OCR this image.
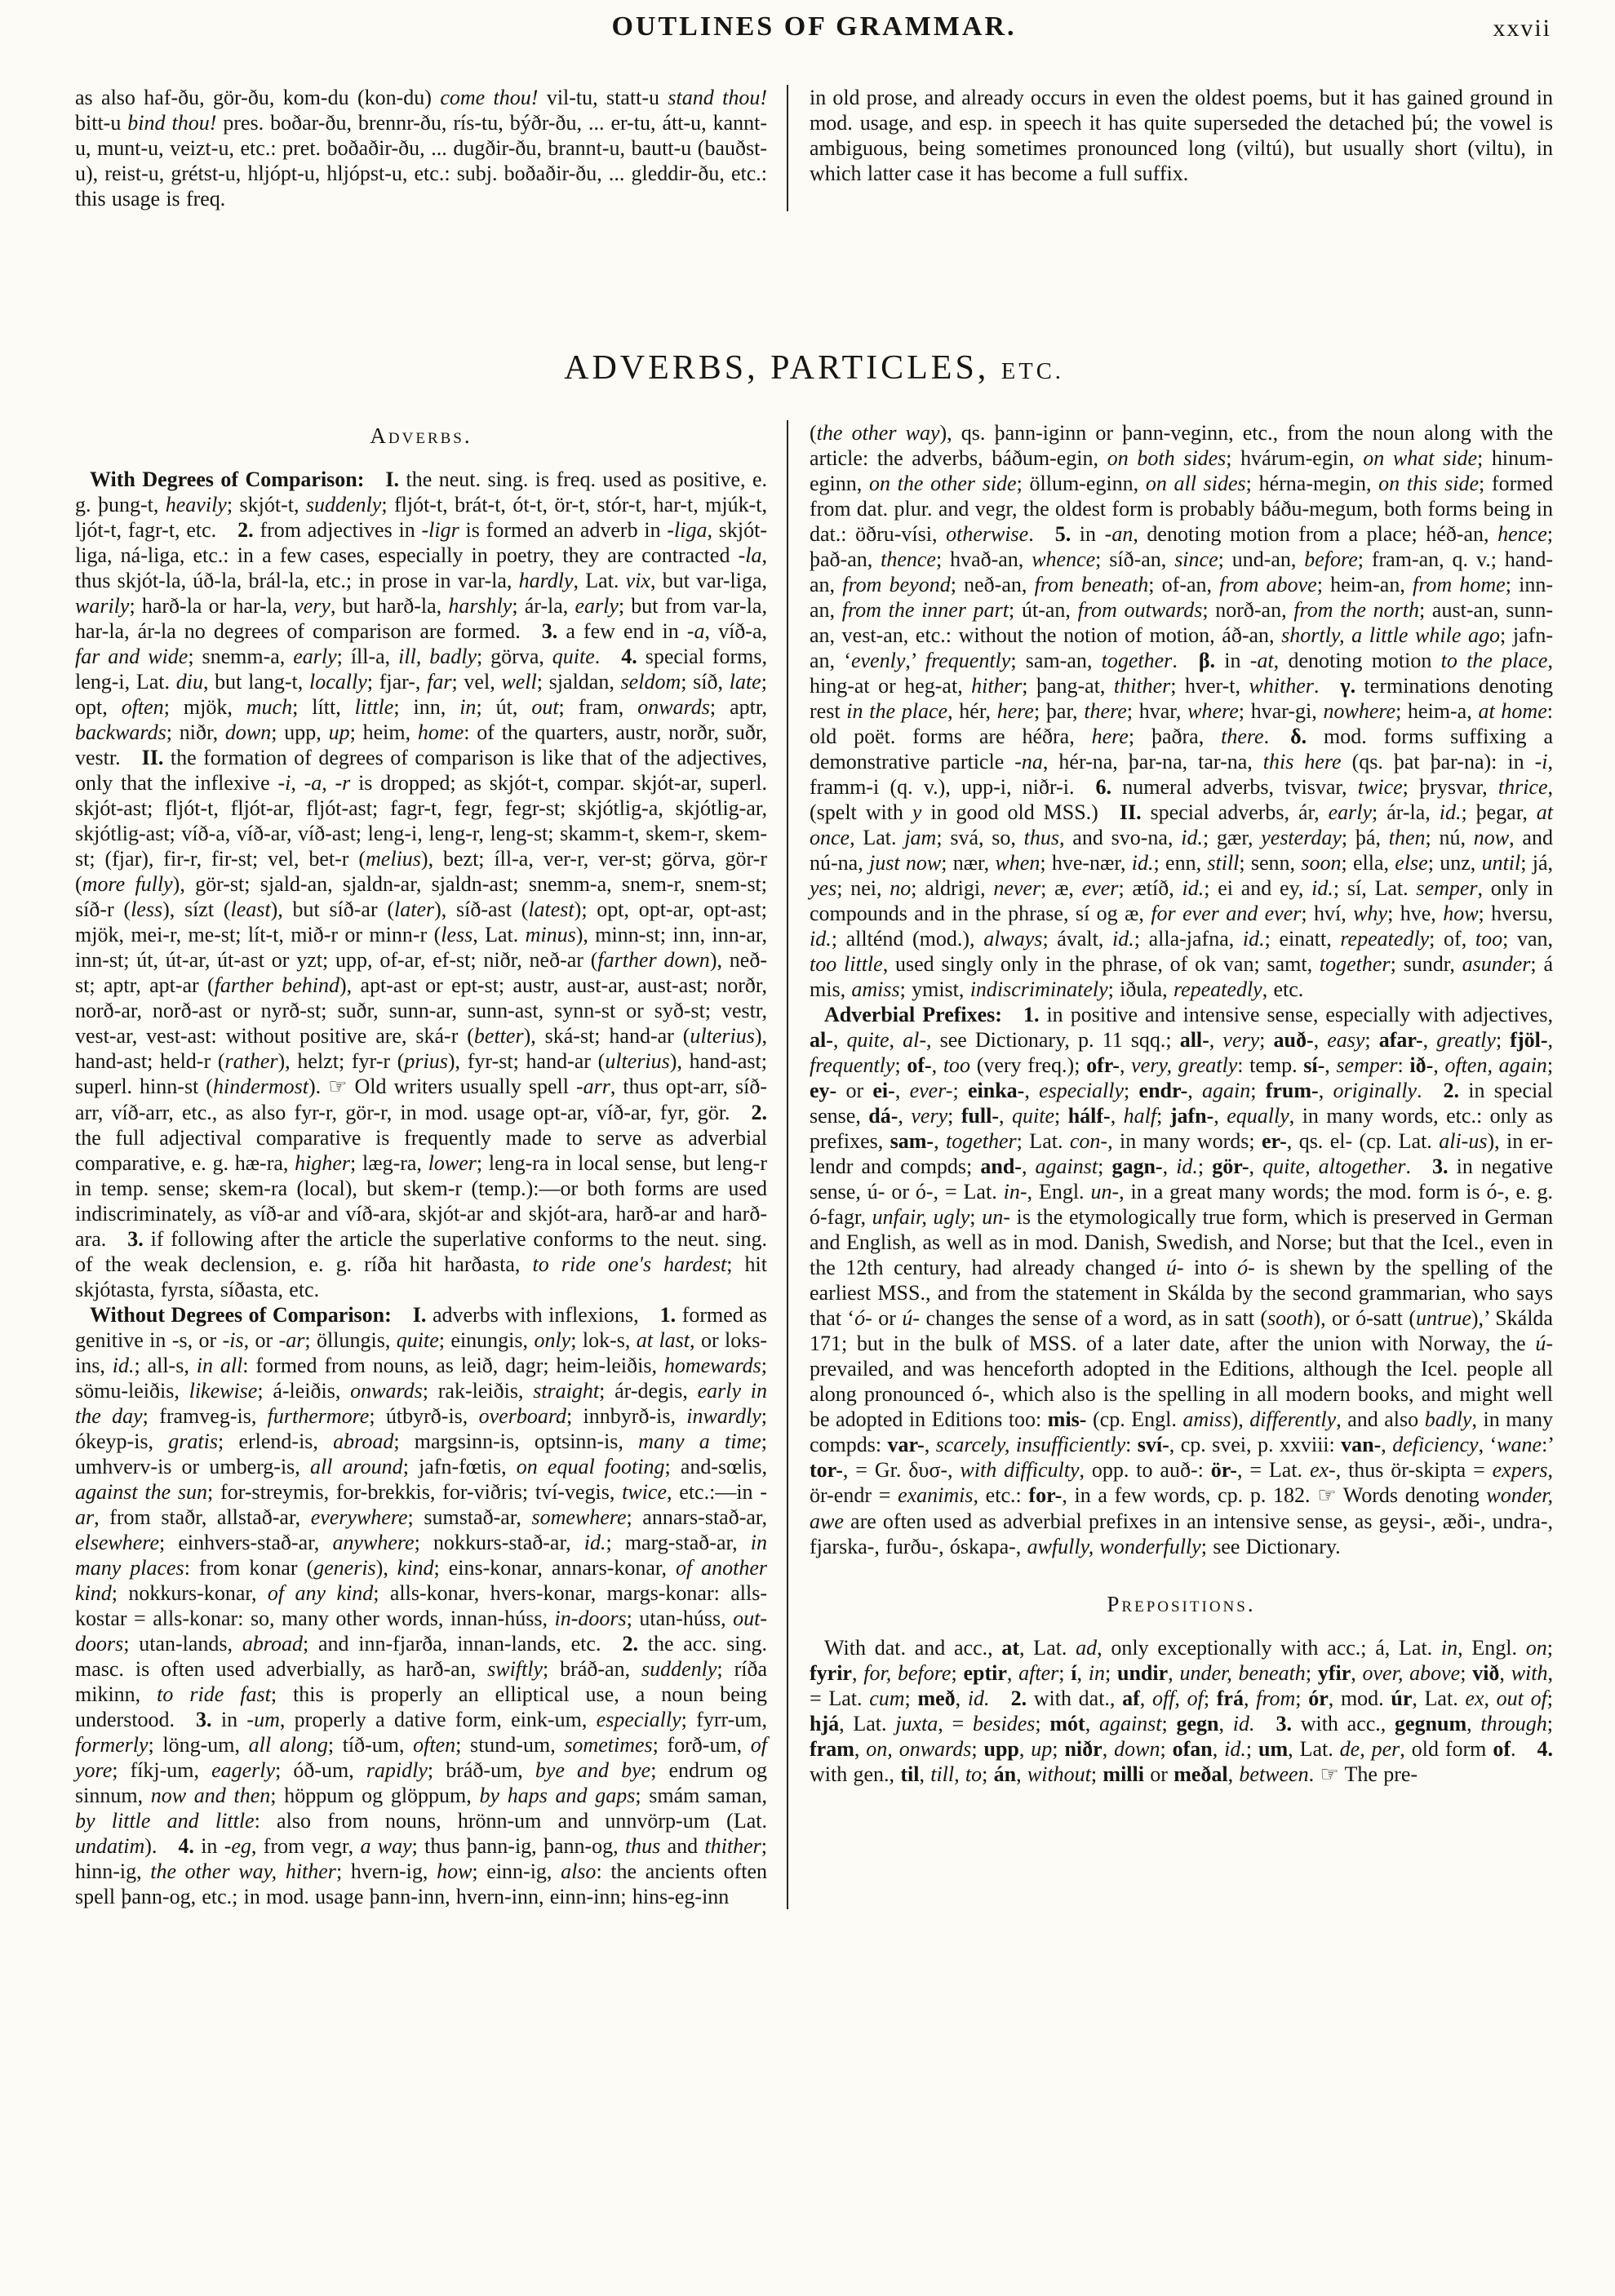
OUTLINES OF GRAMMAR.	xxvii
as also haf-ðu, gör-ðu, kom-du (kon-du) come thou! vil-tu, statt-u stand thou! bitt-u bind thou! pres. boðar-ðu, brennr-ðu, rís-tu, býðr-ðu, ... er-tu, átt-u, kannt-u, munt-u, veizt-u, etc.: pret. boðaðir-ðu, ... dugðir-ðu, brannt-u, bautt-u (bauðst-u), reist-u, grétst-u, hljópt-u, hljópst-u, etc.: subj. boðaðir-ðu, ... gleddir-ðu, etc.: this usage is freq.
in old prose, and already occurs in even the oldest poems, but it has gained ground in mod. usage, and esp. in speech it has quite superseded the detached þú; the vowel is ambiguous, being sometimes pronounced long (viltú), but usually short (viltu), in which latter case it has become a full suffix.
ADVERBS, PARTICLES, ETC.
Adverbs.
With Degrees of Comparison:  I. the neut. sing. is freq. used as positive, e. g. þung-t, heavily; skjót-t, suddenly; fljót-t, brát-t, ót-t, ör-t, stór-t, har-t, mjúk-t, ljót-t, fagr-t, etc. 2. from adjectives in -ligr is formed an adverb in -liga, skjót-liga, ná-liga, etc.: in a few cases, especially in poetry, they are contracted -la, thus skjót-la, úð-la, brál-la, etc.; in prose in var-la, hardly, Lat. vix, but var-liga, warily; harð-la or har-la, very, but harð-la, harshly; ár-la, early; but from var-la, har-la, ár-la no degrees of comparison are formed. 3. a few end in -a, víð-a, far and wide; snemm-a, early; íll-a, ill, badly; görva, quite. 4. special forms, leng-i, Lat. diu, but lang-t, locally; fjar-, far; vel, well; sjaldan, seldom; síð, late; opt, often; mjök, much; lítt, little; inn, in; út, out; fram, onwards; aptr, backwards; niðr, down; upp, up; heim, home: of the quarters, austr, norðr, suðr, vestr. II. the formation of degrees of comparison is like that of the adjectives, only that the inflexive -i, -a, -r is dropped; as skjót-t, compar. skjót-ar, superl. skjót-ast; fljót-t, fljót-ar, fljót-ast; fagr-t, fegr, fegr-st; skjótlig-a, skjótlig-ar, skjótlig-ast; víð-a, víð-ar, víð-ast; leng-i, leng-r, leng-st; skamm-t, skem-r, skem-st; (fjar), fir-r, fir-st; vel, bet-r (melius), bezt; íll-a, ver-r, ver-st; görva, gör-r (more fully), gör-st; sjald-an, sjaldn-ar, sjaldn-ast; snemm-a, snem-r, snem-st; síð-r (less), sízt (least), but síð-ar (later), síð-ast (latest); opt, opt-ar, opt-ast; mjök, mei-r, me-st; lít-t, mið-r or minn-r (less, Lat. minus), minn-st; inn, inn-ar, inn-st; út, út-ar, út-ast or yzt; upp, of-ar, ef-st; niðr, neð-ar (farther down), neð-st; aptr, apt-ar (farther behind), apt-ast or ept-st; austr, aust-ar, aust-ast; norðr, norð-ar, norð-ast or nyrð-st; suðr, sunn-ar, sunn-ast, synn-st or syð-st; vestr, vest-ar, vest-ast: without positive are, ská-r (better), ská-st; hand-ar (ulterius), hand-ast; held-r (rather), helzt; fyr-r (prius), fyr-st; hand-ar (ulterius), hand-ast; superl. hinn-st (hindermost). ☞ Old writers usually spell -arr, thus opt-arr, síð-arr, víð-arr, etc., as also fyr-r, gör-r, in mod. usage opt-ar, víð-ar, fyr, gör. 2. the full adjectival comparative is frequently made to serve as adverbial comparative, e. g. hæ-ra, higher; læg-ra, lower; leng-ra in local sense, but leng-r in temp. sense; skem-ra (local), but skem-r (temp.):—or both forms are used indiscriminately, as víð-ar and víð-ara, skjót-ar and skjót-ara, harð-ar and harð-ara. 3. if following after the article the superlative conforms to the neut. sing. of the weak declension, e. g. ríða hit harðasta, to ride one's hardest; hit skjótasta, fyrsta, síðasta, etc.
Without Degrees of Comparison:  I. adverbs with inflexions, 1. formed as genitive in -s, or -is, or -ar; öllungis, quite; einungis, only; lok-s, at last, or loks-ins, id.; all-s, in all: formed from nouns, as leið, dagr; heim-leiðis, homewards; sömu-leiðis, likewise; á-leiðis, onwards; rak-leiðis, straight; ár-degis, early in the day; framveg-is, furthermore; útbyrð-is, overboard; innbyrð-is, inwardly; ókeyp-is, gratis; erlend-is, abroad; margsinn-is, optsinn-is, many a time; umhverv-is or umberg-is, all around; jafn-fœtis, on equal footing; and-sœlis, against the sun; for-streymis, for-brekkis, for-viðris; tví-vegis, twice, etc.:—in -ar, from staðr, allstað-ar, everywhere; sumstað-ar, somewhere; annars-stað-ar, elsewhere; einhvers-stað-ar, anywhere; nokkurs-stað-ar, id.; marg-stað-ar, in many places: from konar (generis), kind; eins-konar, annars-konar, of another kind; nokkurs-konar, of any kind; alls-konar, hvers-konar, margs-konar: alls-kostar = alls-konar: so, many other words, innan-húss, in-doors; utan-húss, out-doors; utan-lands, abroad; and inn-fjarða, innan-lands, etc. 2. the acc. sing. masc. is often used adverbially, as harð-an, swiftly; bráð-an, suddenly; ríða mikinn, to ride fast; this is properly an elliptical use, a noun being understood. 3. in -um, properly a dative form, eink-um, especially; fyrr-um, formerly; löng-um, all along; tíð-um, often; stund-um, sometimes; forð-um, of yore; fíkj-um, eagerly; óð-um, rapidly; bráð-um, bye and bye; endrum og sinnum, now and then; höppum og glöppum, by haps and gaps; smám saman, by little and little: also from nouns, hrönn-um and unnvörp-um (Lat. undatim). 4. in -eg, from vegr, a way; thus þann-ig, þann-og, thus and thither; hinn-ig, the other way, hither; hvern-ig, how; einn-ig, also: the ancients often spell þann-og, etc.; in mod. usage þann-inn, hvern-inn, einn-inn; hins-eg-inn
(the other way), qs. þann-iginn or þann-veginn, etc., from the noun along with the article: the adverbs, báðum-egin, on both sides; hvárum-egin, on what side; hinum-eginn, on the other side; öllum-eginn, on all sides; hérna-megin, on this side; formed from dat. plur. and vegr, the oldest form is probably báðu-megum, both forms being in dat.: öðru-vísi, otherwise. 5. in -an, denoting motion from a place; héð-an, hence; það-an, thence; hvað-an, whence; síð-an, since; und-an, before; fram-an, q. v.; hand-an, from beyond; neð-an, from beneath; of-an, from above; heim-an, from home; inn-an, from the inner part; út-an, from outwards; norð-an, from the north; aust-an, sunn-an, vest-an, etc.: without the notion of motion, áð-an, shortly, a little while ago; jafn-an, ‘evenly,’ frequently; sam-an, together. β. in -at, denoting motion to the place, hing-at or heg-at, hither; þang-at, thither; hver-t, whither. γ. terminations denoting rest in the place, hér, here; þar, there; hvar, where; hvar-gi, nowhere; heim-a, at home: old poët. forms are héðra, here; þaðra, there. δ. mod. forms suffixing a demonstrative particle -na, hér-na, þar-na, tar-na, this here (qs. þat þar-na): in -i, framm-i (q. v.), upp-i, niðr-i. 6. numeral adverbs, tvisvar, twice; þrysvar, thrice, (spelt with y in good old MSS.) II. special adverbs, ár, early; ár-la, id.; þegar, at once, Lat. jam; svá, so, thus, and svo-na, id.; gær, yesterday; þá, then; nú, now, and nú-na, just now; nær, when; hve-nær, id.; enn, still; senn, soon; ella, else; unz, until; já, yes; nei, no; aldrigi, never; æ, ever; ætíð, id.; ei and ey, id.; sí, Lat. semper, only in compounds and in the phrase, sí og æ, for ever and ever; hví, why; hve, how; hversu, id.; allténd (mod.), always; ávalt, id.; alla-jafna, id.; einatt, repeatedly; of, too; van, too little, used singly only in the phrase, of ok van; samt, together; sundr, asunder; á mis, amiss; ymist, indiscriminately; iðula, repeatedly, etc.
Adverbial Prefixes:  1. in positive and intensive sense, especially with adjectives, al-, quite, al-, see Dictionary, p. 11 sqq.; all-, very; auð-, easy; afar-, greatly; fjöl-, frequently; of-, too (very freq.); ofr-, very, greatly: temp. sí-, semper: ið-, often, again; ey- or ei-, ever-; einka-, especially; endr-, again; frum-, originally. 2. in special sense, dá-, very; full-, quite; hálf-, half; jafn-, equally, in many words, etc.: only as prefixes, sam-, together; Lat. con-, in many words; er-, qs. el- (cp. Lat. ali-us), in er-lendr and compds; and-, against; gagn-, id.; gör-, quite, altogether. 3. in negative sense, ú- or ó-, = Lat. in-, Engl. un-, in a great many words; the mod. form is ó-, e. g. ó-fagr, unfair, ugly; un- is the etymologically true form, which is preserved in German and English, as well as in mod. Danish, Swedish, and Norse; but that the Icel., even in the 12th century, had already changed ú- into ó- is shewn by the spelling of the earliest MSS., and from the statement in Skálda by the second grammarian, who says that ‘ó- or ú- changes the sense of a word, as in satt (sooth), or ó-satt (untrue),’ Skálda 171; but in the bulk of MSS. of a later date, after the union with Norway, the ú- prevailed, and was henceforth adopted in the Editions, although the Icel. people all along pronounced ó-, which also is the spelling in all modern books, and might well be adopted in Editions too: mis- (cp. Engl. amiss), differently, and also badly, in many compds: var-, scarcely, insufficiently: sví-, cp. svei, p. xxviii: van-, deficiency, ‘wane:’ tor-, = Gr. δυσ-, with difficulty, opp. to auð-: ör-, = Lat. ex-, thus ör-skipta = expers, ör-endr = exanimis, etc.: for-, in a few words, cp. p. 182. ☞ Words denoting wonder, awe are often used as adverbial prefixes in an intensive sense, as geysi-, æði-, undra-, fjarska-, furðu-, óskapa-, awfully, wonderfully; see Dictionary.
Prepositions.
With dat. and acc., at, Lat. ad, only exceptionally with acc.; á, Lat. in, Engl. on; fyrir, for, before; eptir, after; í, in; undir, under, beneath; yfir, over, above; við, with, = Lat. cum; með, id.  2. with dat., af, off, of; frá, from; ór, mod. úr, Lat. ex, out of; hjá, Lat. juxta, = besides; mót, against; gegn, id.  3. with acc., gegnum, through; fram, on, onwards; upp, up; niðr, down; ofan, id.; um, Lat. de, per, old form of. 4. with gen., til, till, to; án, without; milli or meðal, between. ☞ The pre-
